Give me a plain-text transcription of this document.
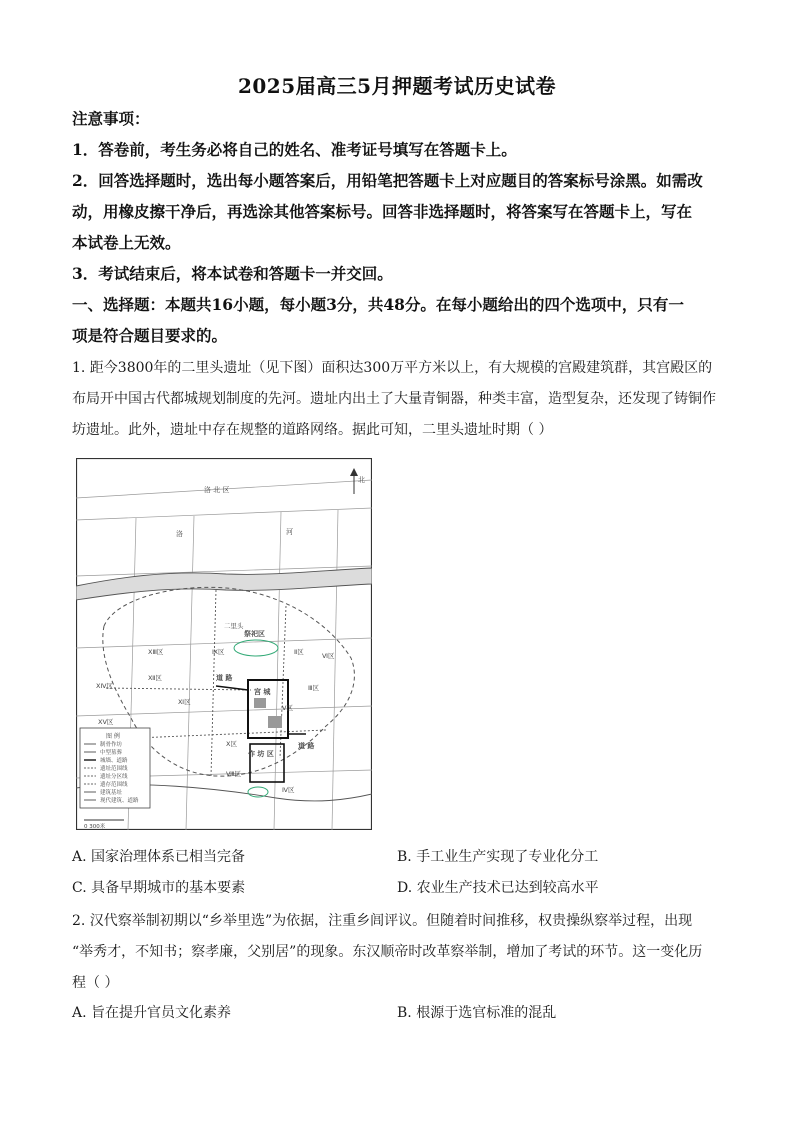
2025届高三5月押题考试历史试卷
注意事项：
1．答卷前，考生务必将自己的姓名、准考证号填写在答题卡上。
2．回答选择题时，选出每小题答案后，用铅笔把答题卡上对应题目的答案标号涂黑。如需改
动，用橡皮擦干净后，再选涂其他答案标号。回答非选择题时，将答案写在答题卡上，写在
本试卷上无效。
3．考试结束后，将本试卷和答题卡一并交回。
一、选择题：本题共16小题，每小题3分，共48分。在每小题给出的四个选项中，只有一
项是符合题目要求的。
1. 距今3800年的二里头遗址（见下图）面积达300万平方米以上，有大规模的宫殿建筑群，其宫殿区的
布局开中国古代都城规划制度的先河。遗址内出土了大量青铜器，种类丰富，造型复杂，还发现了铸铜作
坊遗址。此外，遗址中存在规整的道路网络。据此可知，二里头遗址时期（ ）
北
洛 北 区
洛	河
二里头
祭祀区
宫 城
作 坊 区
道 路
道 路
Ⅸ区
XⅢ区
Ⅻ区
XⅣ区
XⅤ区
Ⅺ区
Ⅱ区	Ⅵ区
Ⅲ区
Ⅴ区
Ⅳ区
Ⅷ区
Ⅹ区
图 例
制骨作坊
中型墓葬
城墙、道路
遗址范围线
遗址分区线
遗存范围线
建筑基址
现代建筑、道路
0 300米
A. 国家治理体系已相当完备	B. 手工业生产实现了专业化分工
C. 具备早期城市的基本要素	D. 农业生产技术已达到较高水平
2. 汉代察举制初期以“乡举里选”为依据，注重乡闾评议。但随着时间推移，权贵操纵察举过程，出现
“举秀才，不知书；察孝廉，父别居”的现象。东汉顺帝时改革察举制，增加了考试的环节。这一变化历
程（ ）
A. 旨在提升官员文化素养	B. 根源于选官标准的混乱
